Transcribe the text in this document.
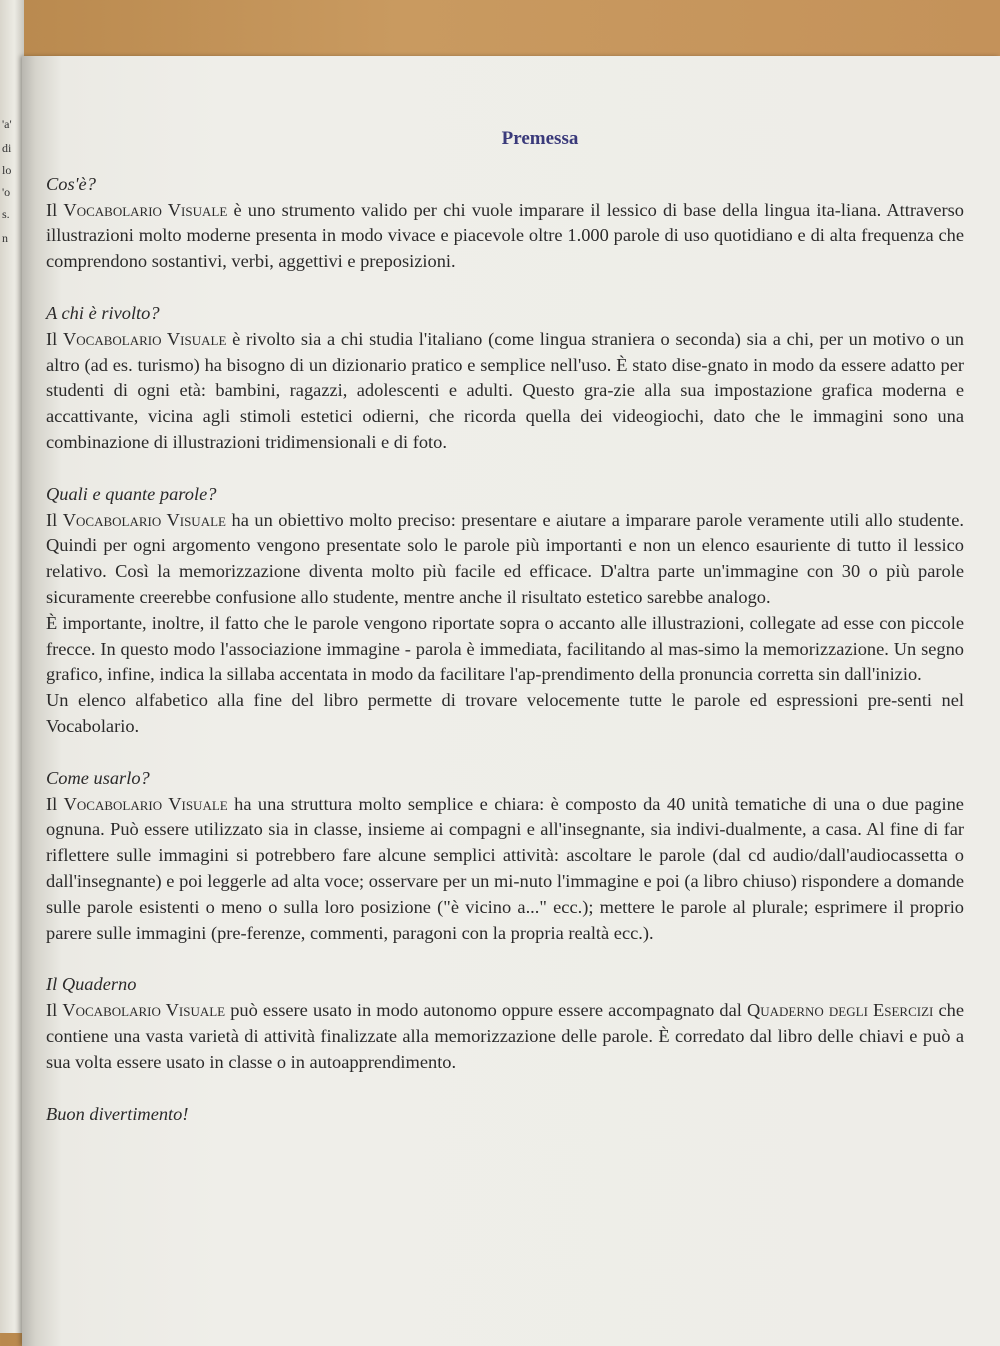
'a'
di
lo
'o
s.
n
Premessa

Cos'è?

Il Vocabolario Visuale è uno strumento valido per chi vuole imparare il lessico di base della lingua ita-liana. Attraverso illustrazioni molto moderne presenta in modo vivace e piacevole oltre 1.000 parole di uso quotidiano e di alta frequenza che comprendono sostantivi, verbi, aggettivi e preposizioni.

A chi è rivolto?

Il Vocabolario Visuale è rivolto sia a chi studia l'italiano (come lingua straniera o seconda) sia a chi, per un motivo o un altro (ad es. turismo) ha bisogno di un dizionario pratico e semplice nell'uso. È stato dise-gnato in modo da essere adatto per studenti di ogni età: bambini, ragazzi, adolescenti e adulti. Questo gra-zie alla sua impostazione grafica moderna e accattivante, vicina agli stimoli estetici odierni, che ricorda quella dei videogiochi, dato che le immagini sono una combinazione di illustrazioni tridimensionali e di foto.

Quali e quante parole?

Il Vocabolario Visuale ha un obiettivo molto preciso: presentare e aiutare a imparare parole veramente utili allo studente. Quindi per ogni argomento vengono presentate solo le parole più importanti e non un elenco esauriente di tutto il lessico relativo. Così la memorizzazione diventa molto più facile ed efficace. D'altra parte un'immagine con 30 o più parole sicuramente creerebbe confusione allo studente, mentre anche il risultato estetico sarebbe analogo.

È importante, inoltre, il fatto che le parole vengono riportate sopra o accanto alle illustrazioni, collegate ad esse con piccole frecce. In questo modo l'associazione immagine - parola è immediata, facilitando al mas-simo la memorizzazione. Un segno grafico, infine, indica la sillaba accentata in modo da facilitare l'ap-prendimento della pronuncia corretta sin dall'inizio.

Un elenco alfabetico alla fine del libro permette di trovare velocemente tutte le parole ed espressioni pre-senti nel Vocabolario.

Come usarlo?

Il Vocabolario Visuale ha una struttura molto semplice e chiara: è composto da 40 unità tematiche di una o due pagine ognuna. Può essere utilizzato sia in classe, insieme ai compagni e all'insegnante, sia indivi-dualmente, a casa. Al fine di far riflettere sulle immagini si potrebbero fare alcune semplici attività: ascoltare le parole (dal cd audio/dall'audiocassetta o dall'insegnante) e poi leggerle ad alta voce; osservare per un mi-nuto l'immagine e poi (a libro chiuso) rispondere a domande sulle parole esistenti o meno o sulla loro posizione ("è vicino a..." ecc.); mettere le parole al plurale; esprimere il proprio parere sulle immagini (pre-ferenze, commenti, paragoni con la propria realtà ecc.).

Il Quaderno

Il Vocabolario Visuale può essere usato in modo autonomo oppure essere accompagnato dal Quaderno degli Esercizi che contiene una vasta varietà di attività finalizzate alla memorizzazione delle parole. È corredato dal libro delle chiavi e può a sua volta essere usato in classe o in autoapprendimento.

Buon divertimento!
